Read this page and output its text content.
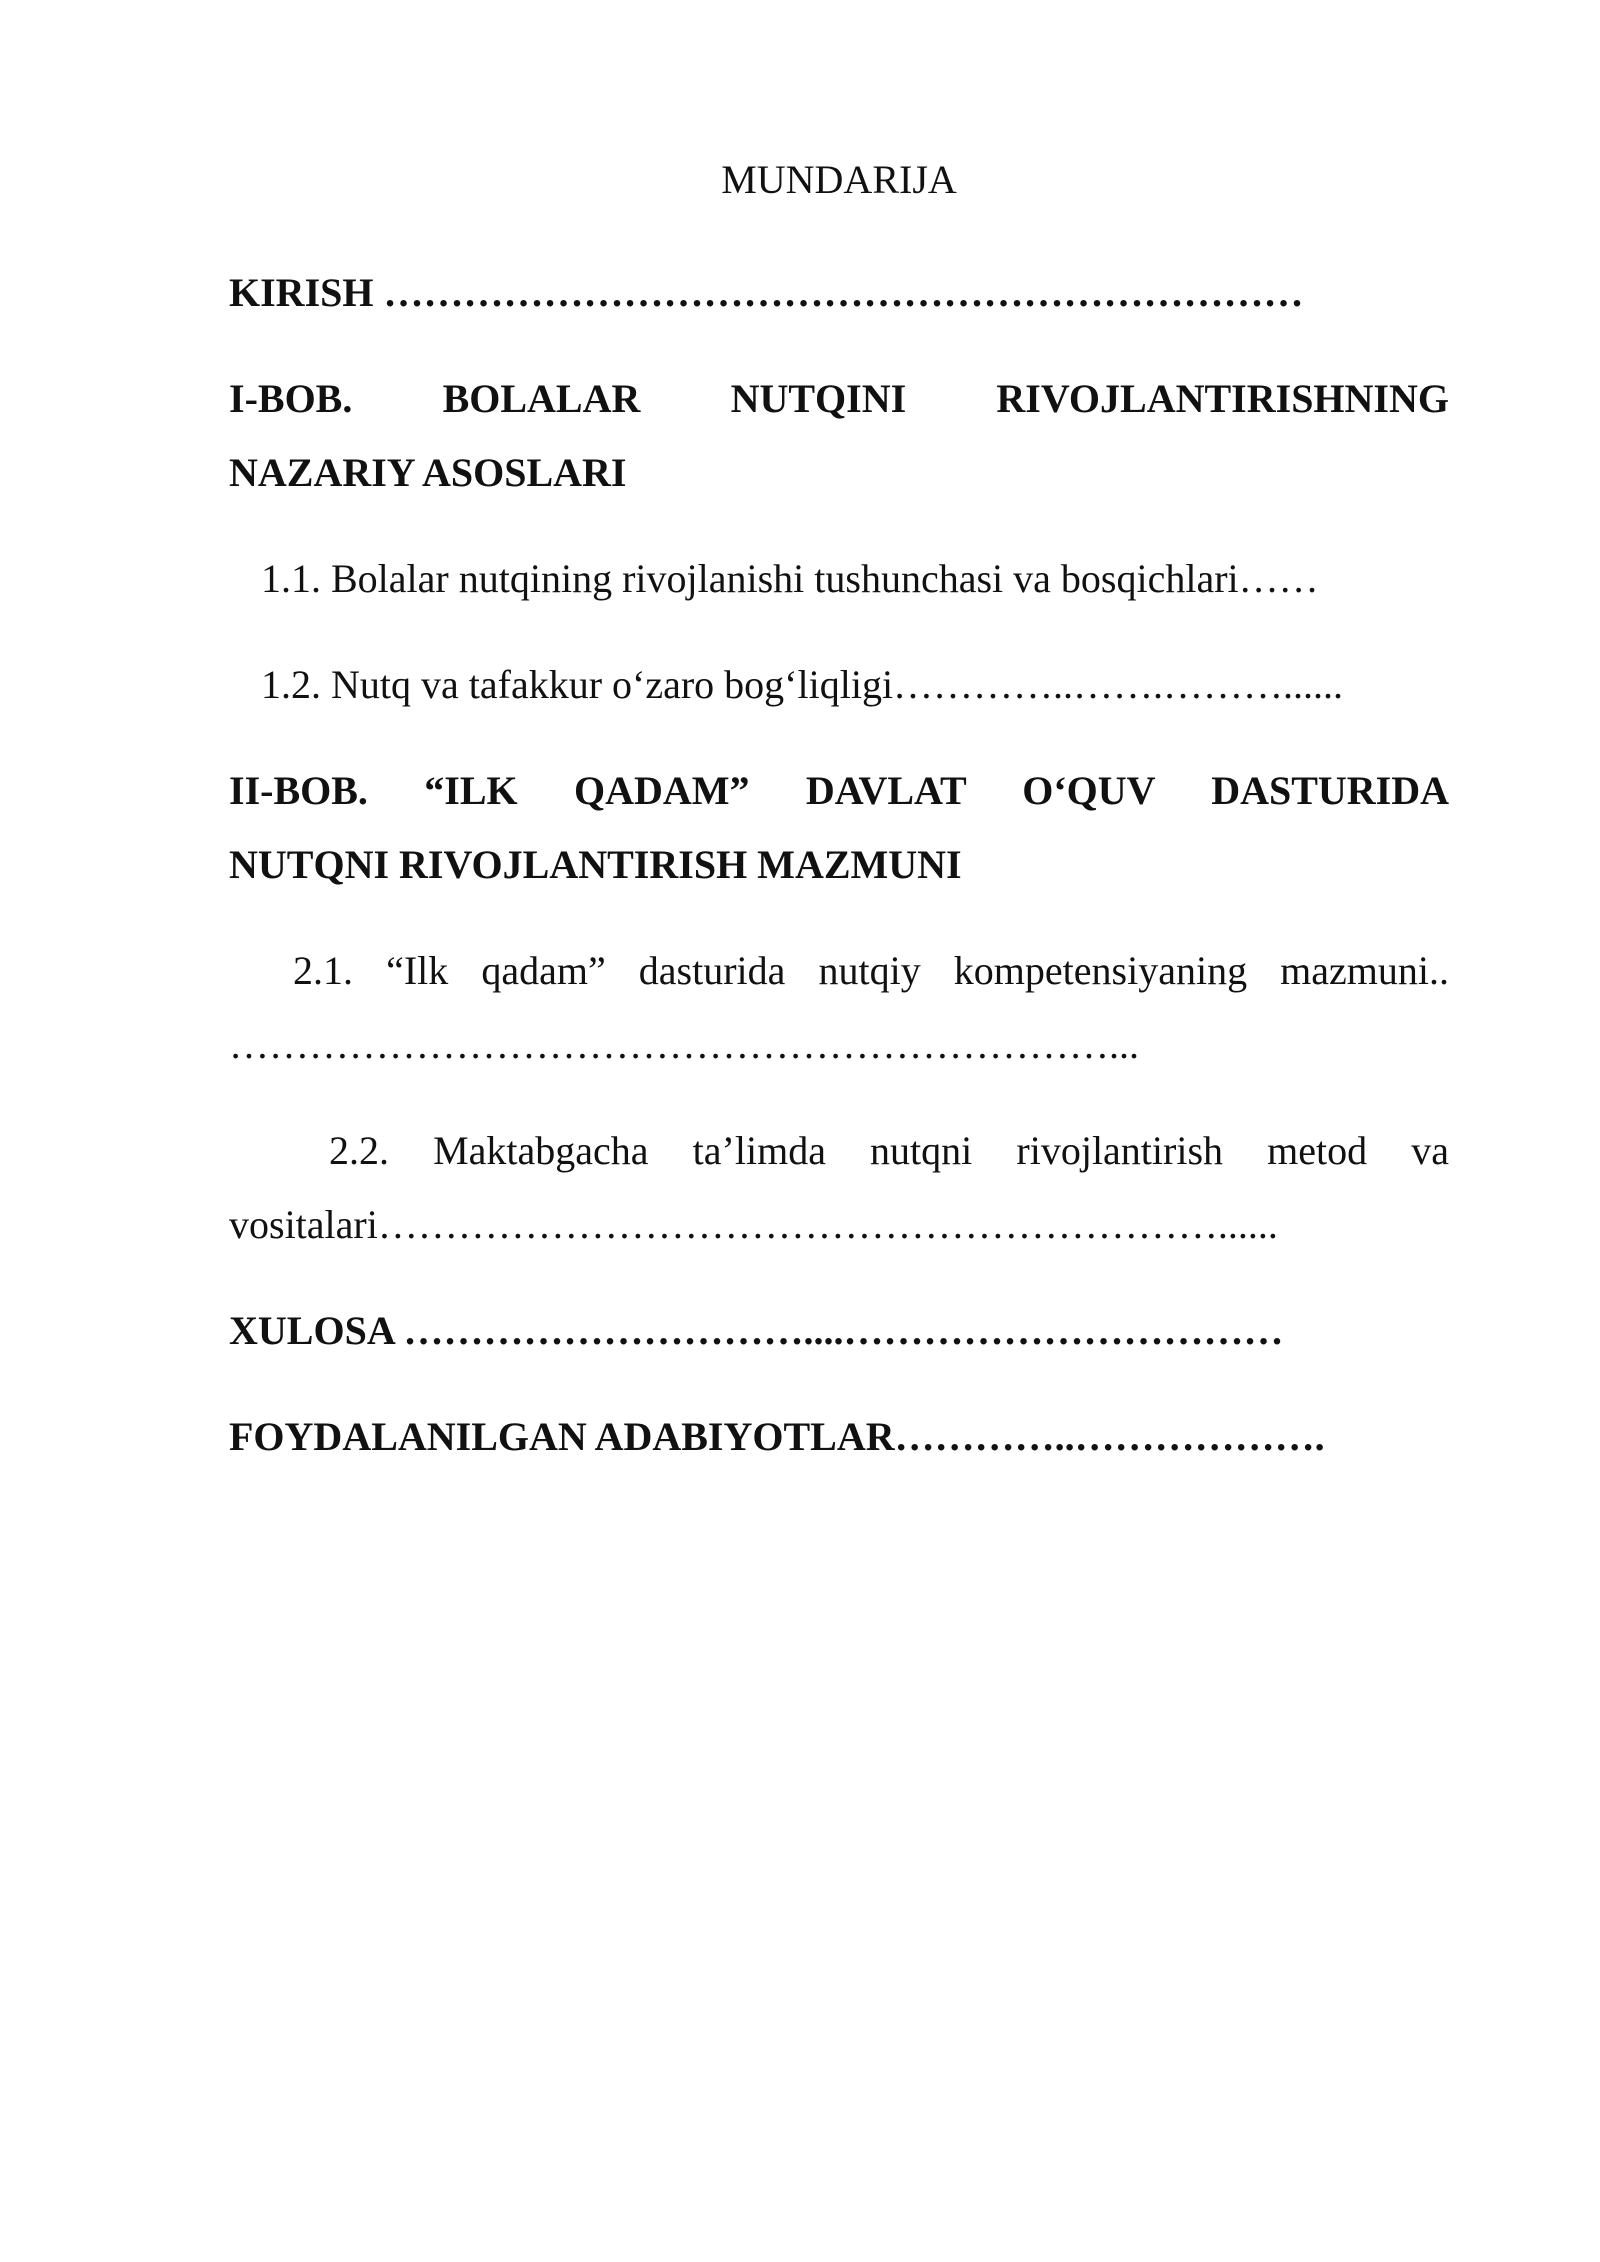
MUNDARIJA

KIRISH ……………………………………………………………

I-BOB. BOLALAR NUTQINI RIVOJLANTIRISHNING
NAZARIY ASOSLARI

1.1. Bolalar nutqining rivojlanishi tushunchasi va bosqichlari……

1.2. Nutq va tafakkur o‘zaro bog‘liqligi…………..…….………......

II-BOB. “ILK QADAM” DAVLAT O‘QUV DASTURIDA
NUTQNI RIVOJLANTIRISH MAZMUNI
2.1. “Ilk qadam” dasturida nutqiy kompetensiyaning mazmuni..
…………………………………………………………...
2.2. Maktabgacha ta’limda nutqni rivojlantirish metod va
vositalari………………………………………………………......

XULOSA …………………………....……………………………

FOYDALANILGAN ADABIYOTLAR…………..……………….
